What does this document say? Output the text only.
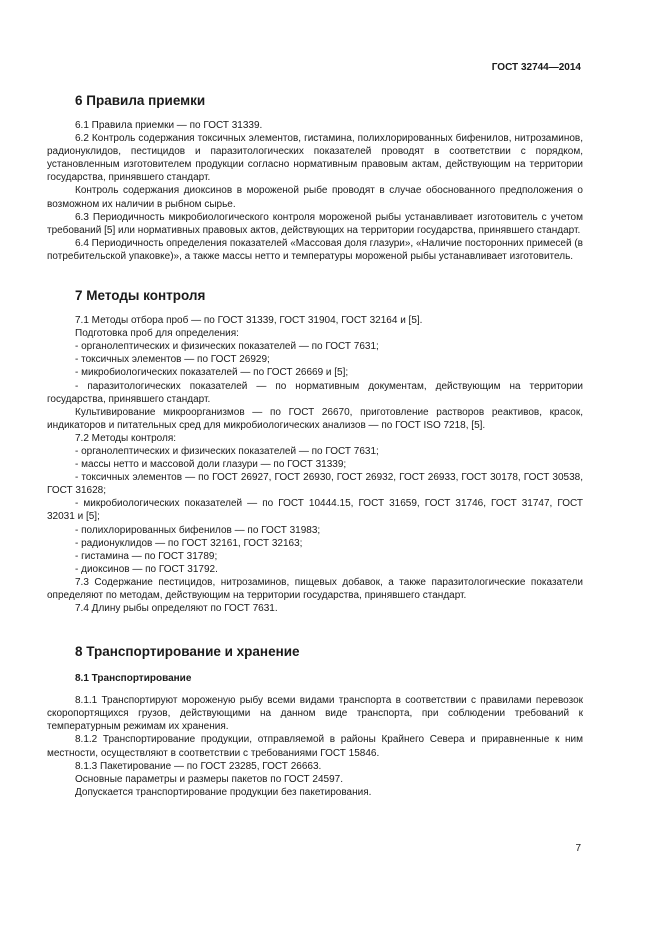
ГОСТ 32744—2014
6 Правила приемки

6.1 Правила приемки — по ГОСТ 31339.

6.2 Контроль содержания токсичных элементов, гистамина, полихлорированных бифенилов, нитрозаминов, радионуклидов, пестицидов и паразитологических показателей проводят в соответствии с порядком, установленным изготовителем продукции согласно нормативным правовым актам, действующим на территории государства, принявшего стандарт.

Контроль содержания диоксинов в мороженой рыбе проводят в случае обоснованного предположения о возможном их наличии в рыбном сырье.

6.3 Периодичность микробиологического контроля мороженой рыбы устанавливает изготовитель с учетом требований [5] или нормативных правовых актов, действующих на территории государства, принявшего стандарт.

6.4 Периодичность определения показателей «Массовая доля глазури», «Наличие посторонних примесей (в потребительской упаковке)», а также массы нетто и температуры мороженой рыбы устанавливает изготовитель.

7 Методы контроля

7.1 Методы отбора проб — по ГОСТ 31339, ГОСТ 31904, ГОСТ 32164 и [5].

Подготовка проб для определения:

- органолептических и физических показателей — по ГОСТ 7631;

- токсичных элементов — по ГОСТ 26929;

- микробиологических показателей — по ГОСТ 26669 и [5];

- паразитологических показателей — по нормативным документам, действующим на территории государства, принявшего стандарт.

Культивирование микроорганизмов — по ГОСТ 26670, приготовление растворов реактивов, красок, индикаторов и питательных сред для микробиологических анализов — по ГОСТ ISO 7218, [5].

7.2 Методы контроля:

- органолептических и физических показателей — по ГОСТ 7631;

- массы нетто и массовой доли глазури — по ГОСТ 31339;

- токсичных элементов — по ГОСТ 26927, ГОСТ 26930, ГОСТ 26932, ГОСТ 26933, ГОСТ 30178, ГОСТ 30538, ГОСТ 31628;

- микробиологических показателей — по ГОСТ 10444.15, ГОСТ 31659, ГОСТ 31746, ГОСТ 31747, ГОСТ 32031 и [5];

- полихлорированных бифенилов — по ГОСТ 31983;

- радионуклидов — по ГОСТ 32161, ГОСТ 32163;

- гистамина — по ГОСТ 31789;

- диоксинов — по ГОСТ 31792.

7.3 Содержание пестицидов, нитрозаминов, пищевых добавок, а также паразитологические показатели определяют по методам, действующим на территории государства, принявшего стандарт.

7.4 Длину рыбы определяют по ГОСТ 7631.

8 Транспортирование и хранение
8.1 Транспортирование

8.1.1 Транспортируют мороженую рыбу всеми видами транспорта в соответствии с правилами перевозок скоропортящихся грузов, действующими на данном виде транспорта, при соблюдении требований к температурным режимам их хранения.

8.1.2 Транспортирование продукции, отправляемой в районы Крайнего Севера и приравненные к ним местности, осуществляют в соответствии с требованиями ГОСТ 15846.

8.1.3 Пакетирование — по ГОСТ 23285, ГОСТ 26663.

Основные параметры и размеры пакетов по ГОСТ 24597.

Допускается транспортирование продукции без пакетирования.

7
